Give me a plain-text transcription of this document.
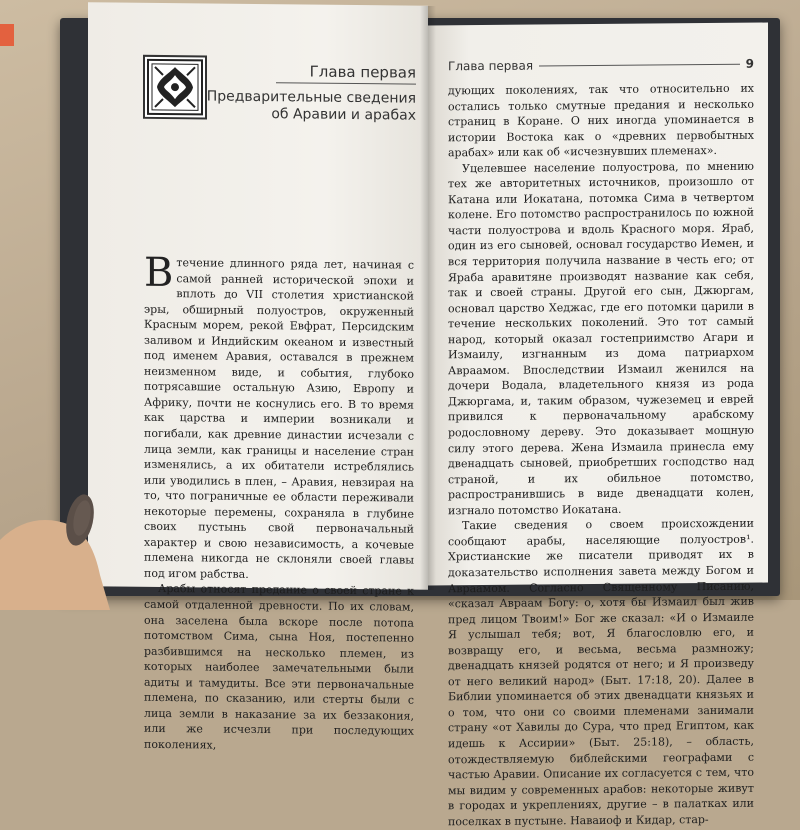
Глава первая
Предварительные сведения
об Аравии и арабах

Втечение длинного ряда лет, начиная с самой ранней исторической эпохи и вплоть до VII столетия христианской эры, обширный полуостров, окруженный Красным морем, рекой Евфрат, Персидским заливом и Индийским океаном и известный под именем Аравия, оставался в прежнем неизменном виде, и события, глубоко потрясавшие остальную Азию, Европу и Африку, почти не коснулись его. В то время как царства и империи возникали и погибали, как древние династии исчезали с лица земли, как границы и население стран изменялись, а их обитатели истреблялись или уводились в плен, – Аравия, невзирая на то, что пограничные ее области переживали некоторые перемены, сохраняла в глубине своих пустынь свой первоначальный характер и свою независимость, а кочевые племена никогда не склоняли своей главы под игом рабства.

Арабы относят предание о своей стране к самой отдаленной древности. По их словам, она заселена была вскоре после потопа потомством Сима, сына Ноя, постепенно разбившимся на несколько племен, из которых наиболее замечательными были адиты и тамудиты. Все эти первоначальные племена, по сказанию, или стерты были с лица земли в наказание за их беззакония, или же исчезли при последующих поколениях,

Глава первая	9

дующих поколениях, так что относительно их остались только смутные предания и несколько страниц в Коране. О них иногда упоминается в истории Востока как о «древних первобытных арабах» или как об «исчезнувших племенах».

Уцелевшее население полуострова, по мнению тех же авторитетных источников, произошло от Катана или Иокатана, потомка Сима в четвертом колене. Его потомство распространилось по южной части полуострова и вдоль Красного моря. Яраб, один из его сыновей, основал государство Иемен, и вся территория получила название в честь его; от Яраба аравитяне производят название как себя, так и своей страны. Другой его сын, Джюргам, основал царство Хеджас, где его потомки царили в течение нескольких поколений. Это тот самый народ, который оказал гостеприимство Агари и Измаилу, изгнанным из дома патриархом Авраамом. Впоследствии Измаил женился на дочери Водала, владетельного князя из рода Джюргама, и, таким образом, чужеземец и еврей привился к первоначальному арабскому родословному дереву. Это доказывает мощную силу этого дерева. Жена Измаила принесла ему двенадцать сыновей, приобретших господство над страной, и их обильное потомство, распространившись в виде двенадцати колен, изгнало потомство Иокатана.

Такие сведения о своем происхождении сообщают арабы, населяющие полуостров¹. Христианские же писатели приводят их в доказательство исполнения завета между Богом и Авраамом. Согласно Священному Писанию, «сказал Авраам Богу: о, хотя бы Измаил был жив пред лицом Твоим!» Бог же сказал: «И о Измаиле Я услышал тебя; вот, Я благословлю его, и возвращу его, и весьма, весьма размножу; двенадцать князей родятся от него; и Я произведу от него великий народ» (Быт. 17:18, 20). Далее в Библии упоминается об этих двенадцати князьях и о том, что они со своими племенами занимали страну «от Хавилы до Сура, что пред Египтом, как идешь к Ассирии» (Быт. 25:18), – область, отождествляемую библейскими географами с частью Аравии. Описание их согласуется с тем, что мы видим у современных арабов: некоторые живут в городах и укреплениях, другие – в палатках или поселках в пустыне. Наваиоф и Кидар, стар-
